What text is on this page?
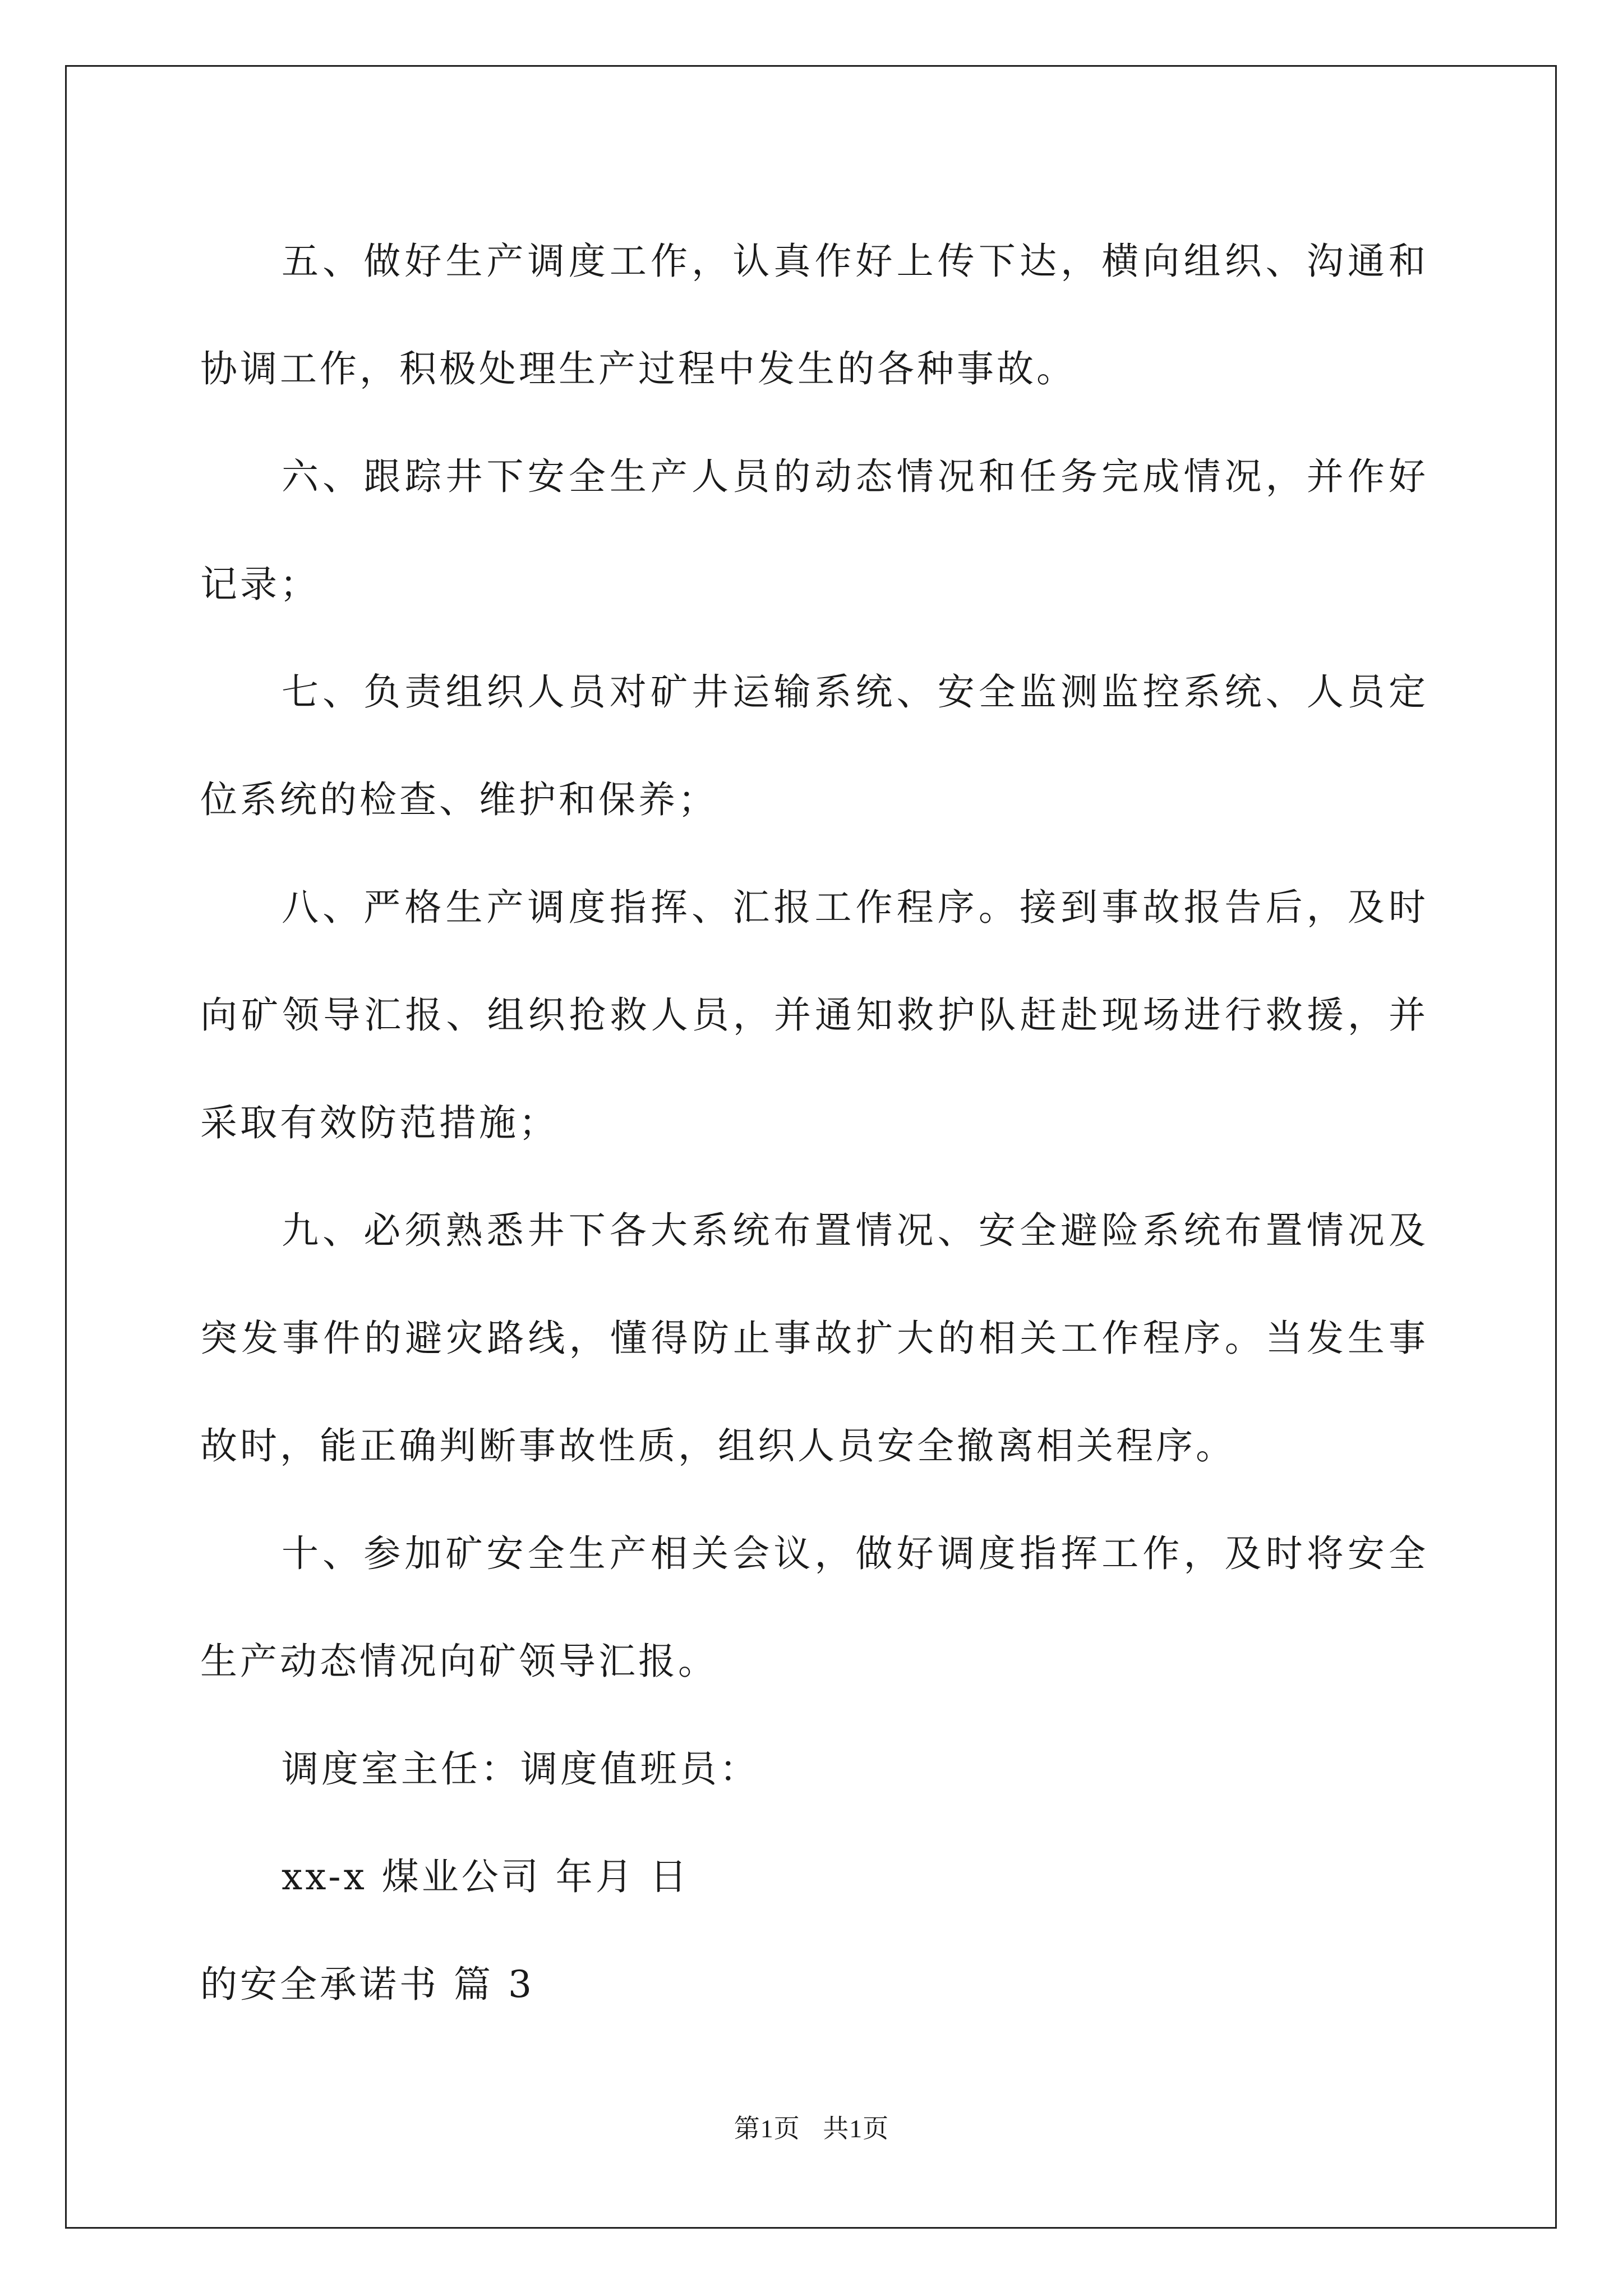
五、做好生产调度工作，认真作好上传下达，横向组织、沟通和协调工作，积极处理生产过程中发生的各种事故。

六、跟踪井下安全生产人员的动态情况和任务完成情况，并作好记录；

七、负责组织人员对矿井运输系统、安全监测监控系统、人员定位系统的检查、维护和保养；

八、严格生产调度指挥、汇报工作程序。接到事故报告后，及时向矿领导汇报、组织抢救人员，并通知救护队赶赴现场进行救援，并采取有效防范措施；

九、必须熟悉井下各大系统布置情况、安全避险系统布置情况及突发事件的避灾路线，懂得防止事故扩大的相关工作程序。当发生事故时，能正确判断事故性质，组织人员安全撤离相关程序。

十、参加矿安全生产相关会议，做好调度指挥工作，及时将安全生产动态情况向矿领导汇报。

调度室主任：调度值班员：

xx-x 煤业公司 年月 日

的安全承诺书 篇 3

第1页 共1页
